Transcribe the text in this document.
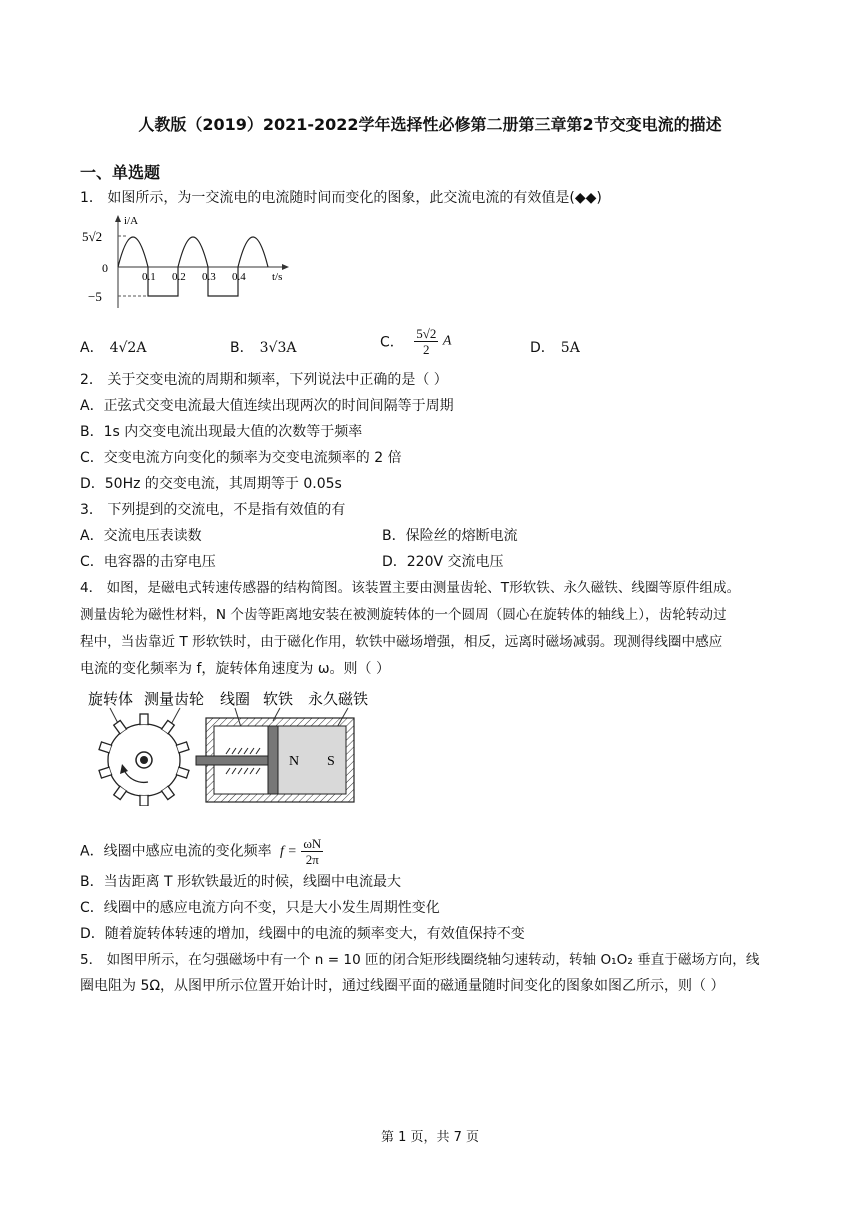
人教版（2019）2021-2022学年选择性必修第二册第三章第2节交变电流的描述
一、单选题
1． 如图所示，为一交流电的电流随时间而变化的图象，此交流电流的有效值是(◆◆)
i/A
5√2
0
−5
0.1 0.2 0.3 0.4 t/s
A． 4√2A	B． 3√3A	C． $\frac{5√2}{2}$ A	D． 5A
2． 关于交变电流的周期和频率，下列说法中正确的是（ ）
A．正弦式交变电流最大值连续出现两次的时间间隔等于周期
B．1s 内交变电流出现最大值的次数等于频率
C．交变电流方向变化的频率为交变电流频率的 2 倍
D．50Hz 的交变电流，其周期等于 0.05s
3． 下列提到的交流电，不是指有效值的有
A．交流电压表读数	B．保险丝的熔断电流
C．电容器的击穿电压	D．220V 交流电压
4． 如图，是磁电式转速传感器的结构简图。该装置主要由测量齿轮、T形软铁、永久磁铁、线圈等原件组成。
测量齿轮为磁性材料，N 个齿等距离地安装在被测旋转体的一个圆周（圆心在旋转体的轴线上），齿轮转动过
程中，当齿靠近 T 形软铁时，由于磁化作用，软铁中磁场增强，相反，远离时磁场减弱。现测得线圈中感应
电流的变化频率为 f，旋转体角速度为 ω。则（ ）
旋转体 测量齿轮 线圈 软铁 永久磁铁
N S
A．线圈中感应电流的变化频率 $f = \frac{\omega N}{2\pi}$
B．当齿距离 T 形软铁最近的时候，线圈中电流最大
C．线圈中的感应电流方向不变，只是大小发生周期性变化
D．随着旋转体转速的增加，线圈中的电流的频率变大，有效值保持不变
5． 如图甲所示，在匀强磁场中有一个 n = 10 匝的闭合矩形线圈绕轴匀速转动，转轴 O₁O₂ 垂直于磁场方向，线
圈电阻为 5Ω，从图甲所示位置开始计时，通过线圈平面的磁通量随时间变化的图象如图乙所示，则（ ）
第 1 页，共 7 页
